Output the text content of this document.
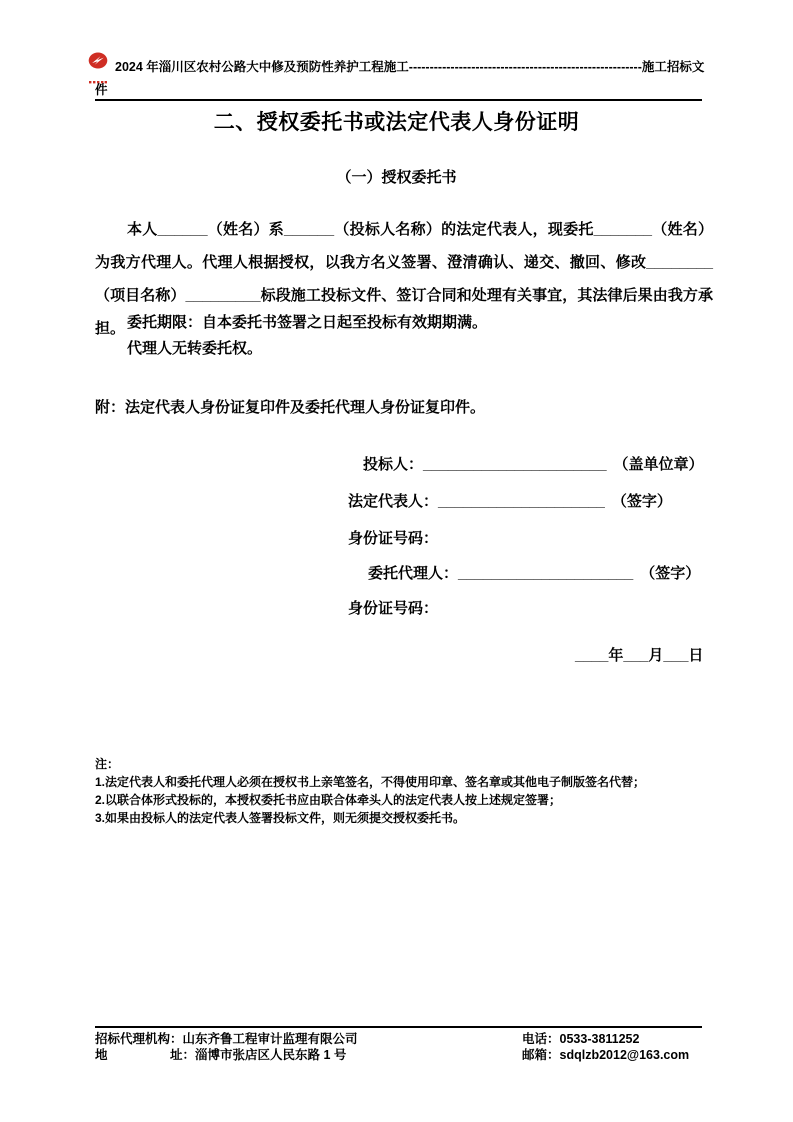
2024 年淄川区农村公路大中修及预防性养护工程施工--------------------------------------------------------施工招标文
件
二、授权委托书或法定代表人身份证明
（一）授权委托书
本人______（姓名）系______（投标人名称）的法定代表人，现委托_______（姓名）为我方代理人。代理人根据授权，以我方名义签署、澄清确认、递交、撤回、修改________（项目名称）_________标段施工投标文件、签订合同和处理有关事宜，其法律后果由我方承担。 委托期限：自本委托书签署之日起至投标有效期期满。
代理人无转委托权。
附：法定代表人身份证复印件及委托代理人身份证复印件。
投标人：______________________ （盖单位章）
法定代表人：____________________ （签字）
身份证号码：
委托代理人：_____________________ （签字）
身份证号码：
____年___月___日
注：
1.法定代表人和委托代理人必须在授权书上亲笔签名，不得使用印章、签名章或其他电子制版签名代替；
2.以联合体形式投标的，本授权委托书应由联合体牵头人的法定代表人按上述规定签署；
3.如果由投标人的法定代表人签署投标文件，则无须提交授权委托书。
招标代理机构：山东齐鲁工程审计监理有限公司	电话：0533-3811252
地　　　　　址：淄博市张店区人民东路 1 号	邮箱：sdqlzb2012@163.com
